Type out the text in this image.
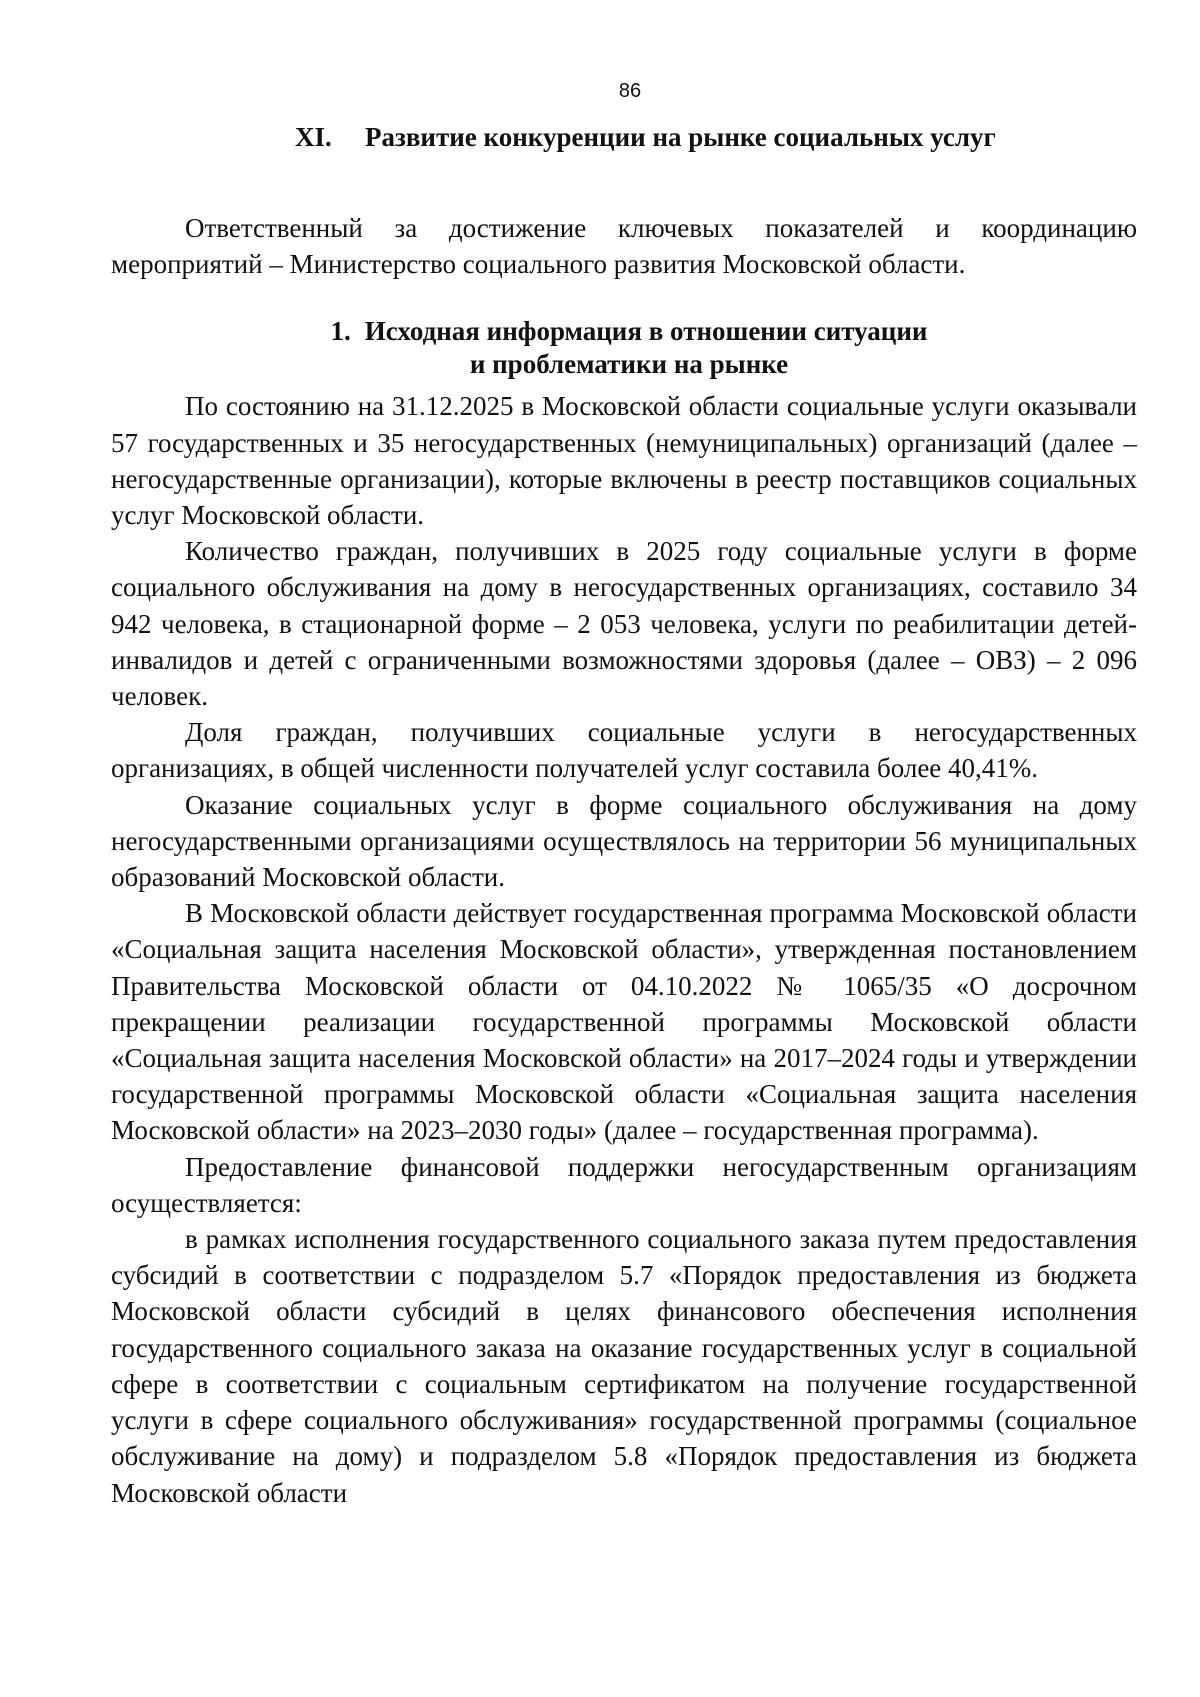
86
XI. Развитие конкуренции на рынке социальных услуг

Ответственный за достижение ключевых показателей и координацию мероприятий – Министерство социального развития Московской области.

1. Исходная информация в отношении ситуации
и проблематики на рынке

По состоянию на 31.12.2025 в Московской области социальные услуги оказывали 57 государственных и 35 негосударственных (немуниципальных) организаций (далее – негосударственные организации), которые включены в реестр поставщиков социальных услуг Московской области.

Количество граждан, получивших в 2025 году социальные услуги в форме социального обслуживания на дому в негосударственных организациях, составило 34 942 человека, в стационарной форме – 2 053 человека, услуги по реабилитации детей-инвалидов и детей с ограниченными возможностями здоровья (далее – ОВЗ) – 2 096 человек.

Доля граждан, получивших социальные услуги в негосударственных организациях, в общей численности получателей услуг составила более 40,41%.

Оказание социальных услуг в форме социального обслуживания на дому негосударственными организациями осуществлялось на территории 56 муниципальных образований Московской области.

В Московской области действует государственная программа Московской области «Социальная защита населения Московской области», утвержденная постановлением Правительства Московской области от 04.10.2022 № 1065/35 «О досрочном прекращении реализации государственной программы Московской области «Социальная защита населения Московской области» на 2017–2024 годы и утверждении государственной программы Московской области «Социальная защита населения Московской области» на 2023–2030 годы» (далее – государственная программа).

Предоставление финансовой поддержки негосударственным организациям осуществляется:

в рамках исполнения государственного социального заказа путем предоставления субсидий в соответствии с подразделом 5.7 «Порядок предоставления из бюджета Московской области субсидий в целях финансового обеспечения исполнения государственного социального заказа на оказание государственных услуг в социальной сфере в соответствии с социальным сертификатом на получение государственной услуги в сфере социального обслуживания» государственной программы (социальное обслуживание на дому) и подразделом 5.8 «Порядок предоставления из бюджета Московской области
